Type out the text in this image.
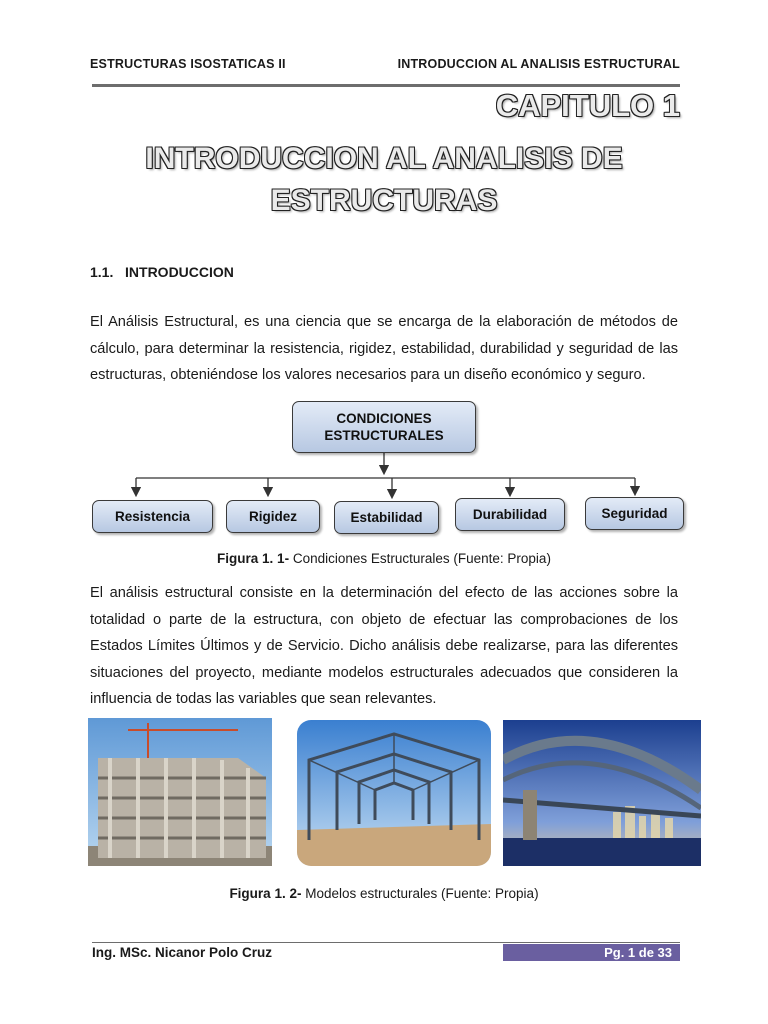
ESTRUCTURAS ISOSTATICAS II	INTRODUCCION AL ANALISIS ESTRUCTURAL
CAPITULO 1
INTRODUCCION AL ANALISIS DE
ESTRUCTURAS
1.1.   INTRODUCCION
El Análisis Estructural, es una ciencia que se encarga de la elaboración de métodos de cálculo, para determinar la resistencia, rigidez, estabilidad, durabilidad y seguridad de las estructuras, obteniéndose los valores necesarios para un diseño económico y seguro.
CONDICIONES ESTRUCTURALES
Resistencia	Rigidez	Estabilidad	Durabilidad	Seguridad
Figura 1. 1- Condiciones Estructurales (Fuente: Propia)
El análisis estructural consiste en la determinación del efecto de las acciones sobre la totalidad o parte de la estructura, con objeto de efectuar las comprobaciones de los Estados Límites Últimos y de Servicio. Dicho análisis debe realizarse, para las diferentes situaciones del proyecto, mediante modelos estructurales adecuados que consideren la influencia de todas las variables que sean relevantes.
Figura 1. 2- Modelos estructurales (Fuente: Propia)
Ing. MSc. Nicanor Polo Cruz	Pg. 1 de 33
